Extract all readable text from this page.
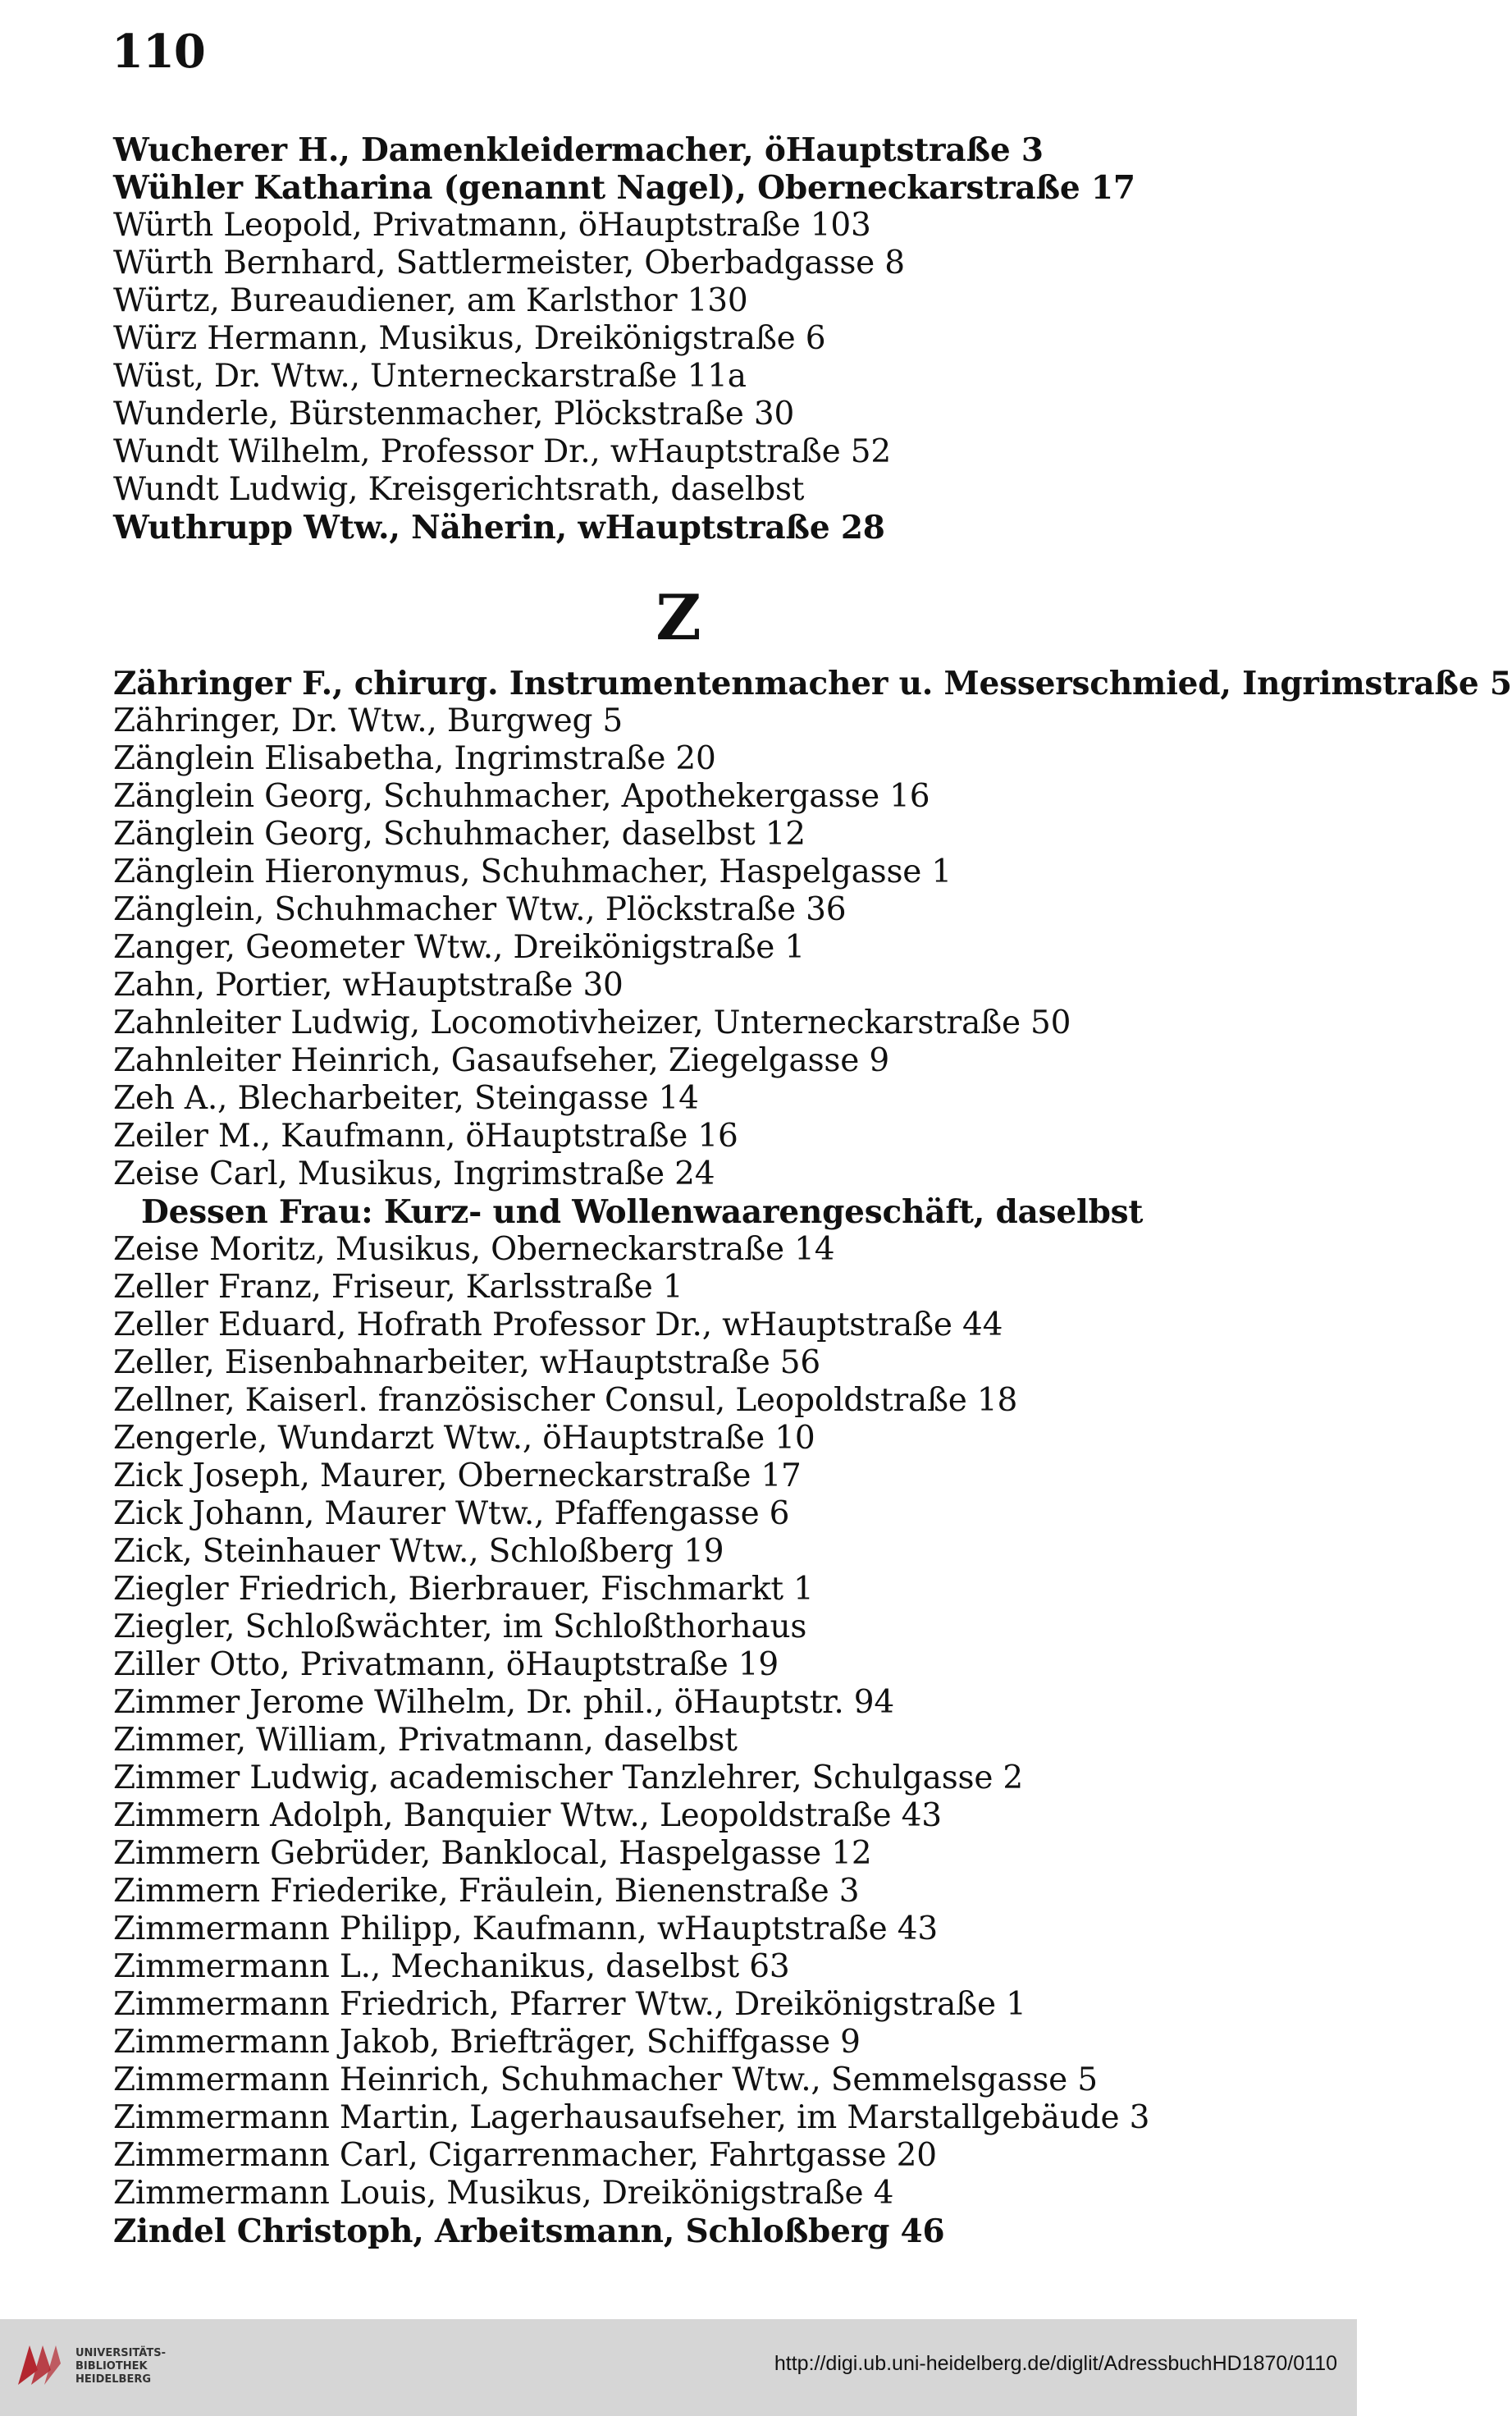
110
Wucherer H., Damenkleidermacher, öHauptstraße 3
Wühler Katharina (genannt Nagel), Oberneckarstraße 17
Würth Leopold, Privatmann, öHauptstraße 103
Würth Bernhard, Sattlermeister, Oberbadgasse 8
Würtz, Bureaudiener, am Karlsthor 130
Würz Hermann, Musikus, Dreikönigstraße 6
Wüst, Dr. Wtw., Unterneckarstraße 11a
Wunderle, Bürstenmacher, Plöckstraße 30
Wundt Wilhelm, Professor Dr., wHauptstraße 52
Wundt Ludwig, Kreisgerichtsrath, daselbst
Wuthrupp Wtw., Näherin, wHauptstraße 28
Z
Zähringer F., chirurg. Instrumentenmacher u. Messerschmied, Ingrimstraße 5
Zähringer, Dr. Wtw., Burgweg 5
Zänglein Elisabetha, Ingrimstraße 20
Zänglein Georg, Schuhmacher, Apothekergasse 16
Zänglein Georg, Schuhmacher, daselbst 12
Zänglein Hieronymus, Schuhmacher, Haspelgasse 1
Zänglein, Schuhmacher Wtw., Plöckstraße 36
Zanger, Geometer Wtw., Dreikönigstraße 1
Zahn, Portier, wHauptstraße 30
Zahnleiter Ludwig, Locomotivheizer, Unterneckarstraße 50
Zahnleiter Heinrich, Gasaufseher, Ziegelgasse 9
Zeh A., Blecharbeiter, Steingasse 14
Zeiler M., Kaufmann, öHauptstraße 16
Zeise Carl, Musikus, Ingrimstraße 24
Dessen Frau: Kurz- und Wollenwaarengeschäft, daselbst
Zeise Moritz, Musikus, Oberneckarstraße 14
Zeller Franz, Friseur, Karlsstraße 1
Zeller Eduard, Hofrath Professor Dr., wHauptstraße 44
Zeller, Eisenbahnarbeiter, wHauptstraße 56
Zellner, Kaiserl. französischer Consul, Leopoldstraße 18
Zengerle, Wundarzt Wtw., öHauptstraße 10
Zick Joseph, Maurer, Oberneckarstraße 17
Zick Johann, Maurer Wtw., Pfaffengasse 6
Zick, Steinhauer Wtw., Schloßberg 19
Ziegler Friedrich, Bierbrauer, Fischmarkt 1
Ziegler, Schloßwächter, im Schloßthorhaus
Ziller Otto, Privatmann, öHauptstraße 19
Zimmer Jerome Wilhelm, Dr. phil., öHauptstr. 94
Zimmer, William, Privatmann, daselbst
Zimmer Ludwig, academischer Tanzlehrer, Schulgasse 2
Zimmern Adolph, Banquier Wtw., Leopoldstraße 43
Zimmern Gebrüder, Banklocal, Haspelgasse 12
Zimmern Friederike, Fräulein, Bienenstraße 3
Zimmermann Philipp, Kaufmann, wHauptstraße 43
Zimmermann L., Mechanikus, daselbst 63
Zimmermann Friedrich, Pfarrer Wtw., Dreikönigstraße 1
Zimmermann Jakob, Briefträger, Schiffgasse 9
Zimmermann Heinrich, Schuhmacher Wtw., Semmelsgasse 5
Zimmermann Martin, Lagerhausaufseher, im Marstallgebäude 3
Zimmermann Carl, Cigarrenmacher, Fahrtgasse 20
Zimmermann Louis, Musikus, Dreikönigstraße 4
Zindel Christoph, Arbeitsmann, Schloßberg 46
UNIVERSITÄTS-
BIBLIOTHEK
HEIDELBERG
http://digi.ub.uni-heidelberg.de/diglit/AdressbuchHD1870/0110
